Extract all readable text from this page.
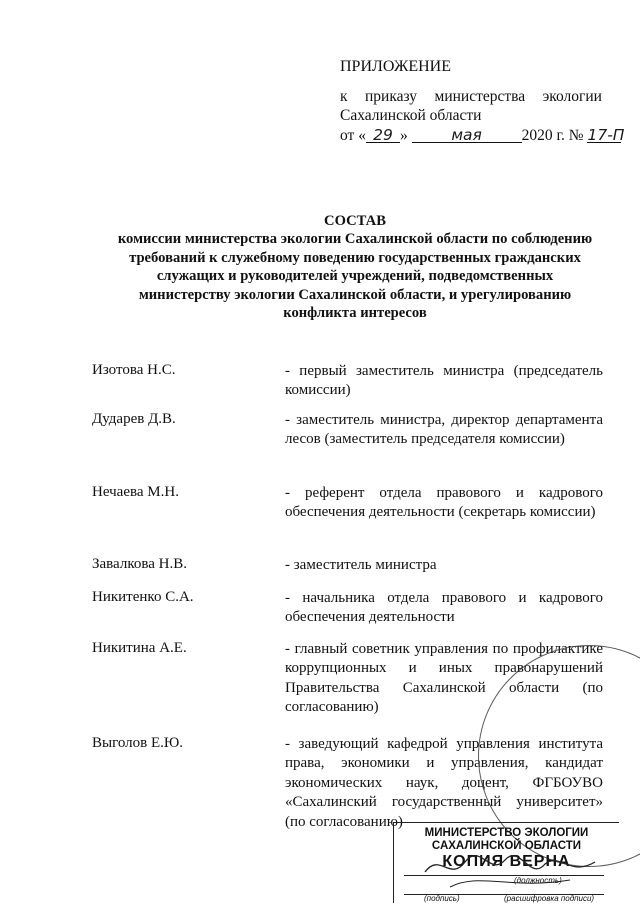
ПРИЛОЖЕНИЕ
к приказу министерства экологии
Сахалинской области
от « 29 »	мая	2020 г. № 17-П
СОСТАВ
комиссии министерства экологии Сахалинской области по соблюдению
требований к служебному поведению государственных гражданских
служащих и руководителей учреждений, подведомственных
министерству экологии Сахалинской области, и урегулированию
конфликта интересов
Изотова Н.С.	- первый заместитель министра (председатель комиссии)
Дударев Д.В.	- заместитель министра, директор департамента лесов (заместитель председателя комиссии)
Нечаева М.Н.	- референт отдела правового и кадрового обеспечения деятельности (секретарь комиссии)
Завалкова Н.В.	- заместитель министра
Никитенко С.А.	- начальника отдела правового и кадрового обеспечения деятельности
Никитина А.Е.	- главный советник управления по профилактике коррупционных и иных правонарушений Правительства Сахалинской области (по согласованию)
Выголов Е.Ю.	- заведующий кафедрой управления института права, экономики и управления, кандидат экономических наук, доцент, ФГБОУВО «Сахалинский государственный университет» (по согласованию)
МИНИСТЕРСТВО ЭКОЛОГИИ
САХАЛИНСКОЙ ОБЛАСТИ
КОПИЯ ВЕРНА
(должность)
(подпись)	(расшифровка подписи)
